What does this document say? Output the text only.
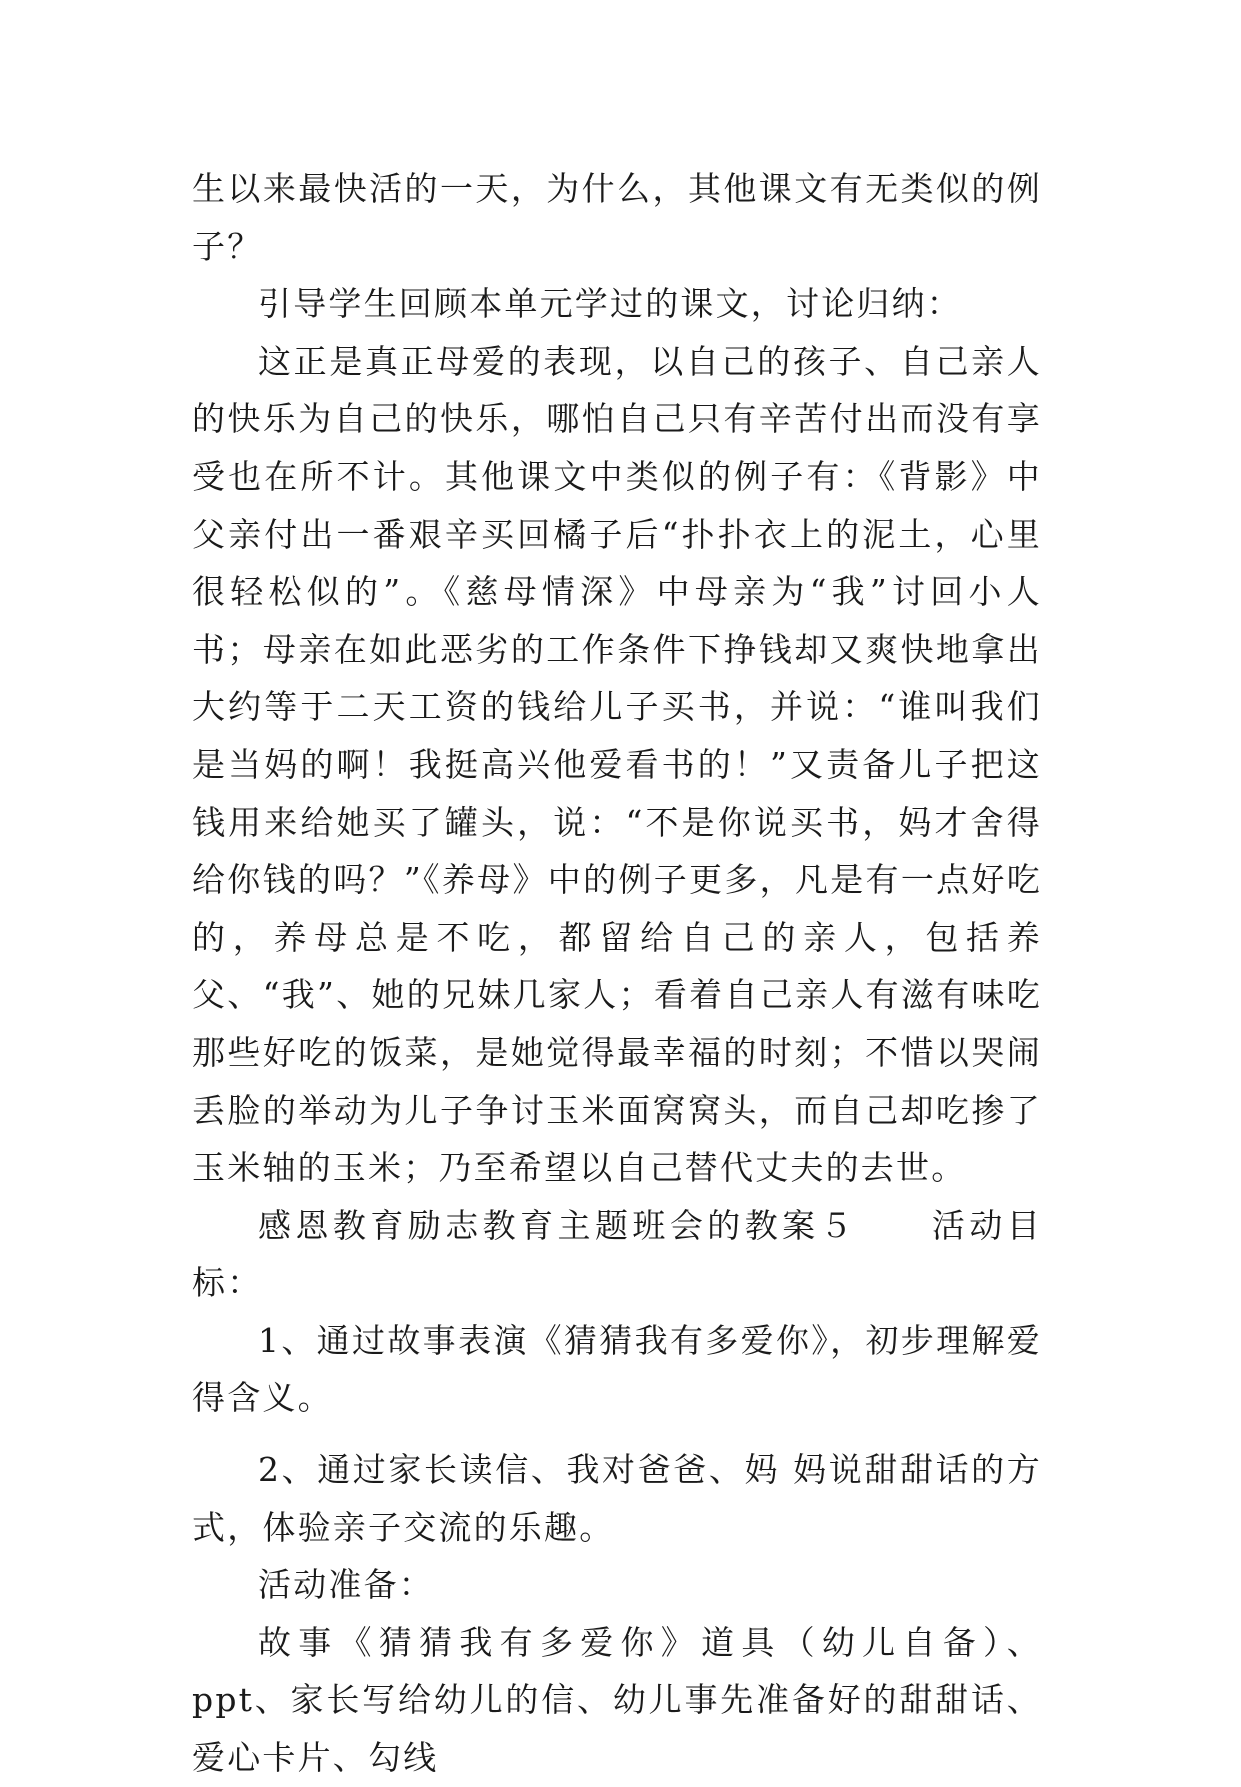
生以来最快活的一天，为什么，其他课文有无类似的例子？

引导学生回顾本单元学过的课文，讨论归纳：

这正是真正母爱的表现，以自己的孩子、自己亲人的快乐为自己的快乐，哪怕自己只有辛苦付出而没有享受也在所不计。其他课文中类似的例子有：《背影》中父亲付出一番艰辛买回橘子后“扑扑衣上的泥土，心里很轻松似的”。《慈母情深》中母亲为“我”讨回小人书；母亲在如此恶劣的工作条件下挣钱却又爽快地拿出大约等于二天工资的钱给儿子买书，并说：“谁叫我们是当妈的啊！我挺高兴他爱看书的！”又责备儿子把这钱用来给她买了罐头，说：“不是你说买书，妈才舍得给你钱的吗？”《养母》中的例子更多，凡是有一点好吃的，养母总是不吃，都留给自己的亲人，包括养父、“我”、她的兄妹几家人；看着自己亲人有滋有味吃那些好吃的饭菜，是她觉得最幸福的时刻；不惜以哭闹丢脸的举动为儿子争讨玉米面窝窝头，而自己却吃掺了玉米轴的玉米；乃至希望以自己替代丈夫的去世。

感恩教育励志教育主题班会的教案５　　活动目标：

1、通过故事表演《猜猜我有多爱你》，初步理解爱得含义。

2、通过家长读信、我对爸爸、妈 妈说甜甜话的方式，体验亲子交流的乐趣。

活动准备：

故事《猜猜我有多爱你》道具（幼儿自备）、ppt、家长写给幼儿的信、幼儿事先准备好的甜甜话、爱心卡片、勾线
